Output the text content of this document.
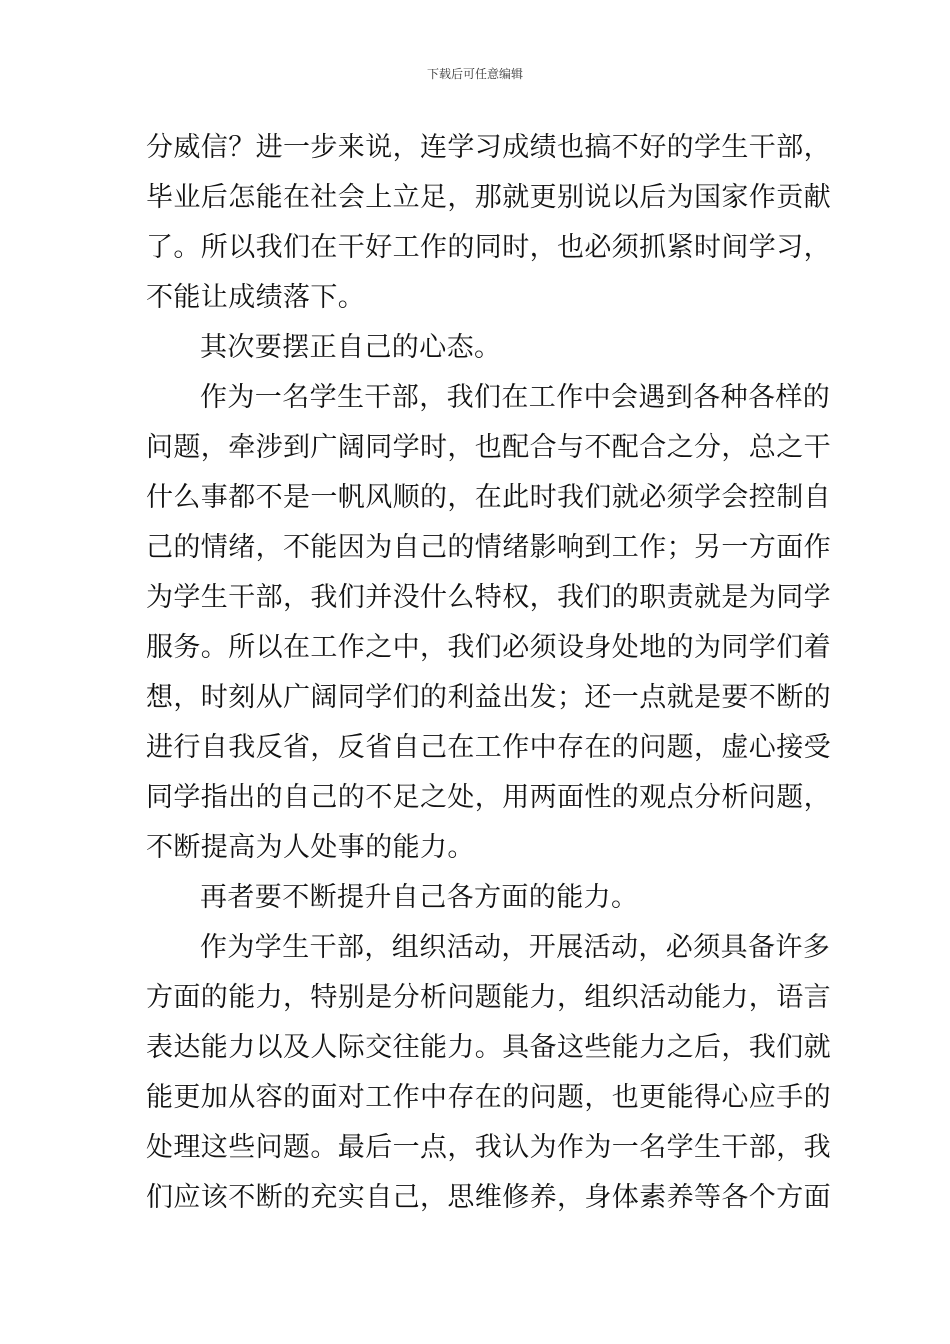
下载后可任意编辑
分威信？进一步来说，连学习成绩也搞不好的学生干部，
毕业后怎能在社会上立足，那就更别说以后为国家作贡献
了。所以我们在干好工作的同时，也必须抓紧时间学习，
不能让成绩落下。
其次要摆正自己的心态。
作为一名学生干部，我们在工作中会遇到各种各样的
问题，牵涉到广阔同学时，也配合与不配合之分，总之干
什么事都不是一帆风顺的，在此时我们就必须学会控制自
己的情绪，不能因为自己的情绪影响到工作；另一方面作
为学生干部，我们并没什么特权，我们的职责就是为同学
服务。所以在工作之中，我们必须设身处地的为同学们着
想，时刻从广阔同学们的利益出发；还一点就是要不断的
进行自我反省，反省自己在工作中存在的问题，虚心接受
同学指出的自己的不足之处，用两面性的观点分析问题，
不断提高为人处事的能力。
再者要不断提升自己各方面的能力。
作为学生干部，组织活动，开展活动，必须具备许多
方面的能力，特别是分析问题能力，组织活动能力，语言
表达能力以及人际交往能力。具备这些能力之后，我们就
能更加从容的面对工作中存在的问题，也更能得心应手的
处理这些问题。最后一点，我认为作为一名学生干部，我
们应该不断的充实自己，思维修养，身体素养等各个方面
